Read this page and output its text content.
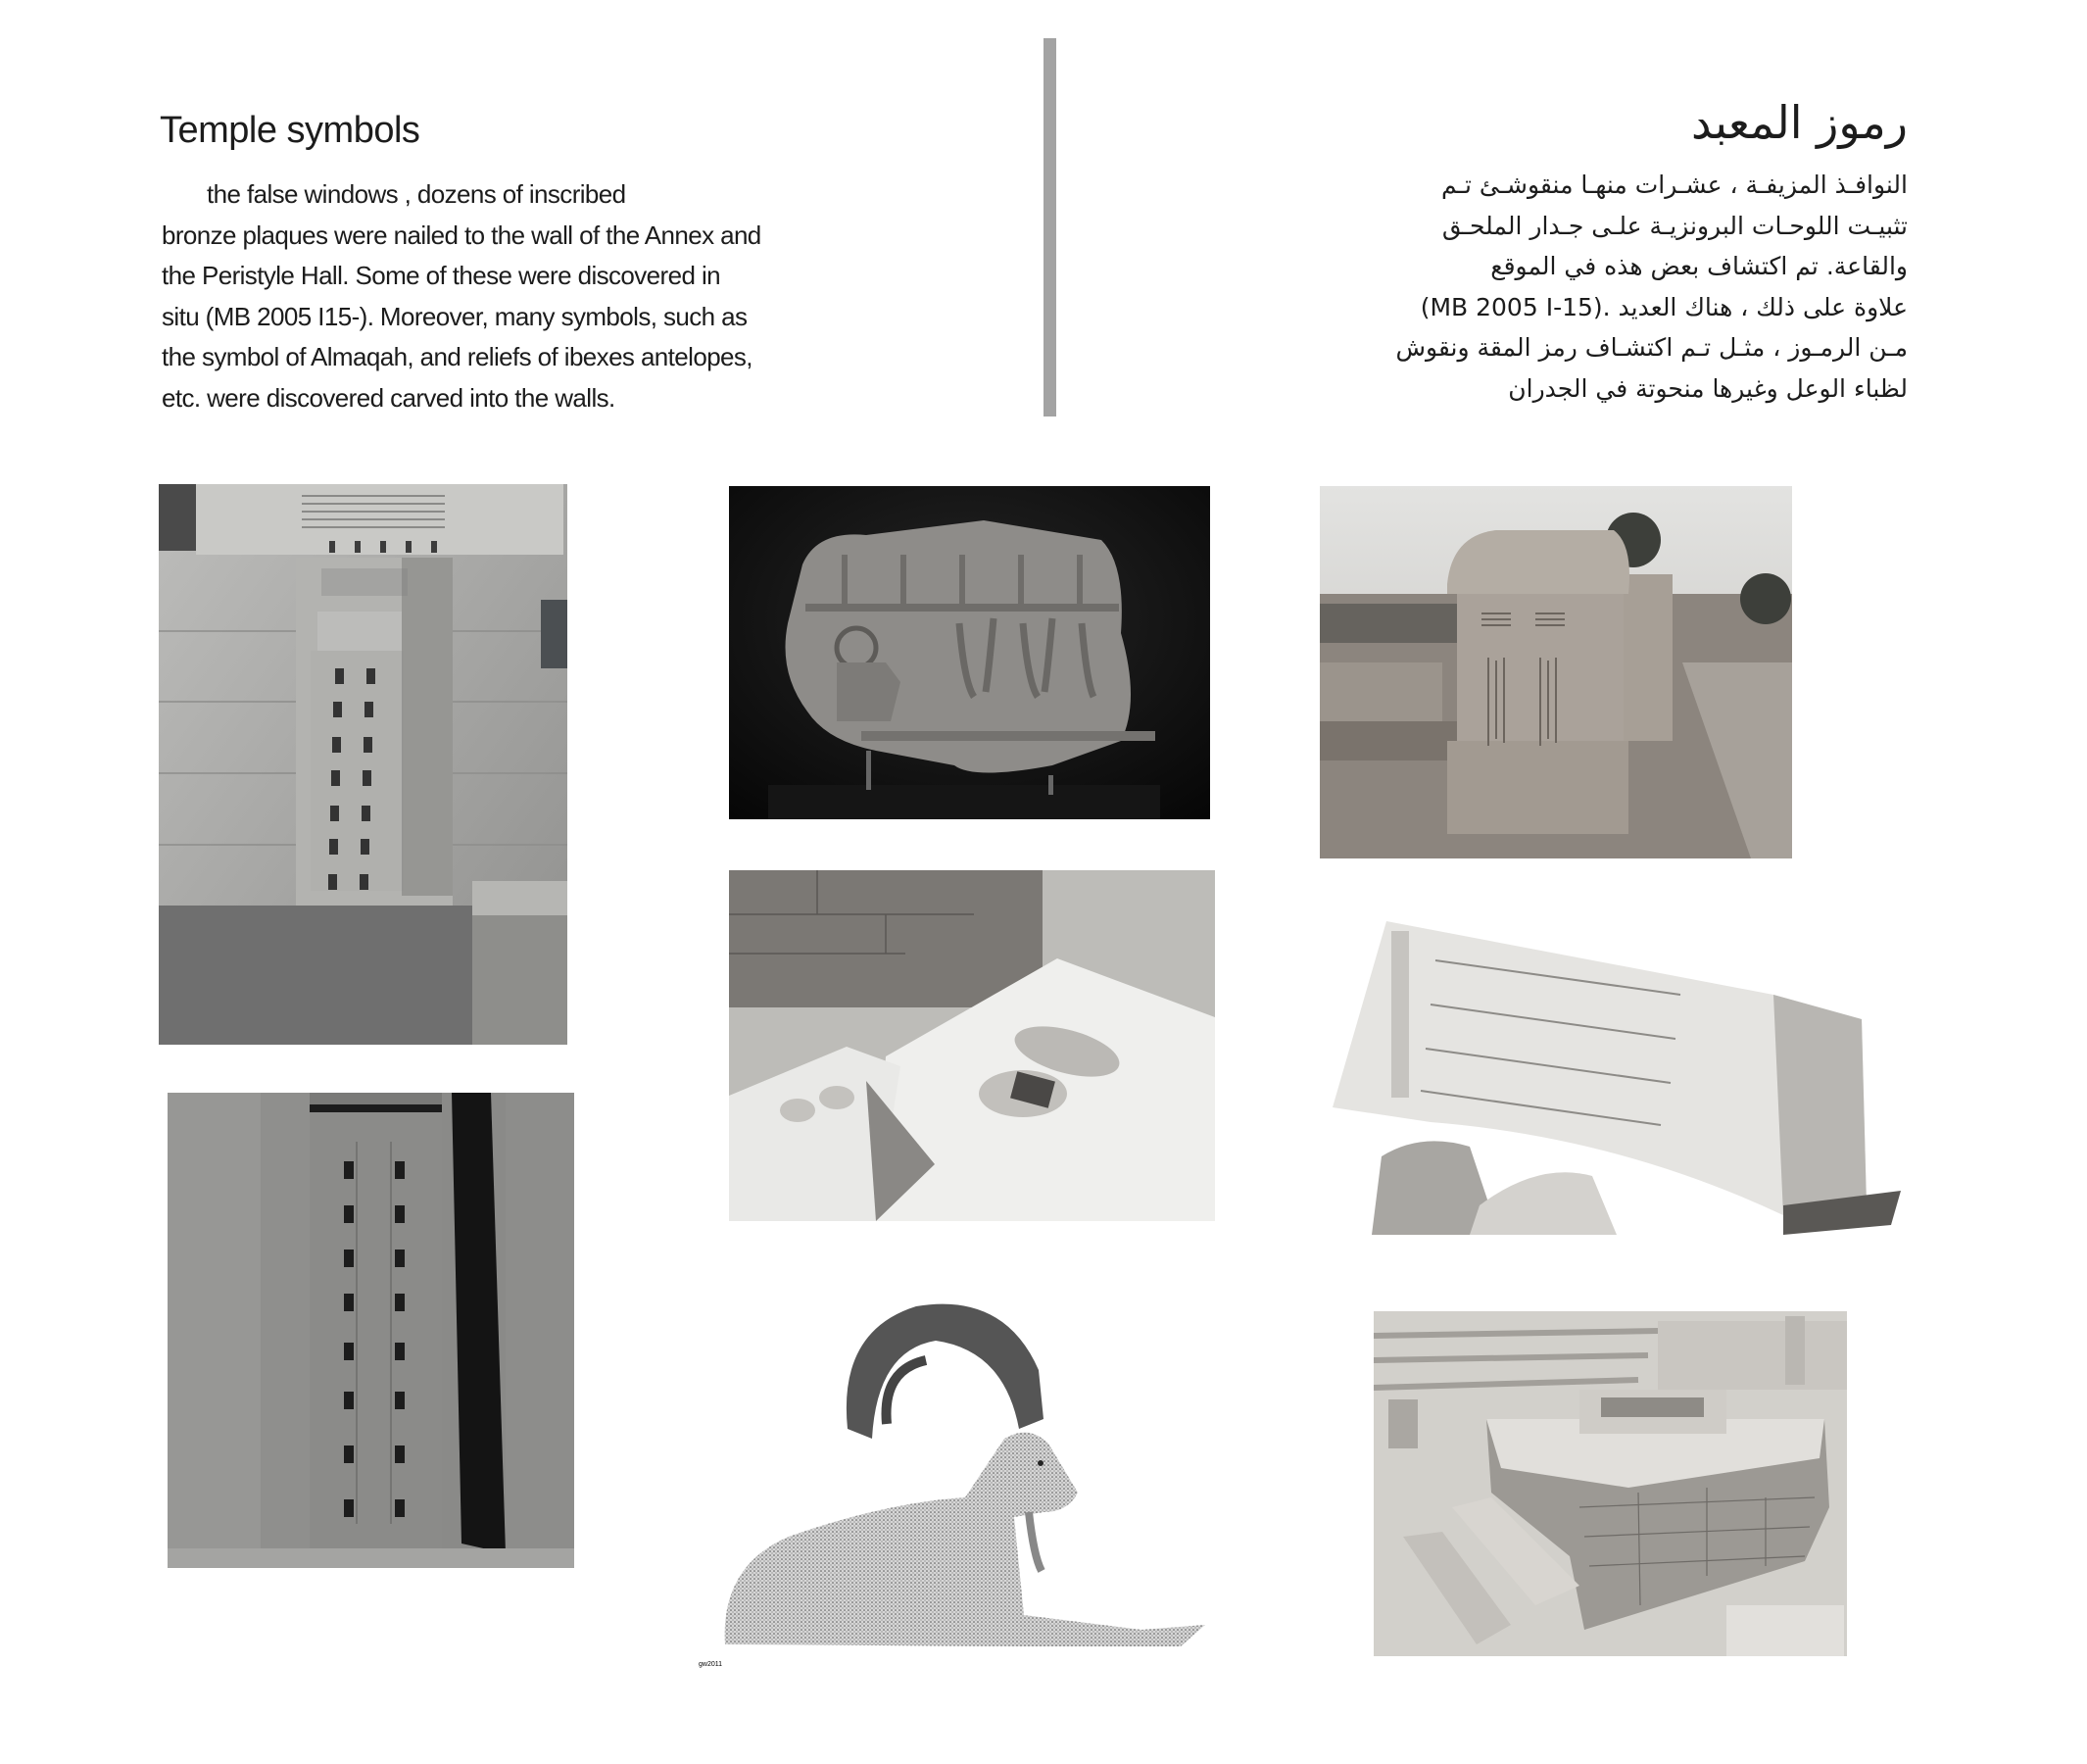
Temple symbols
the false windows , dozens of inscribed
bronze plaques were nailed to the wall of the Annex and
the Peristyle Hall. Some of these were discovered in
situ (MB 2005 I15-). Moreover, many symbols, such as
the symbol of Almaqah, and reliefs of ibexes antelopes,
etc. were discovered carved into the walls.
رموز المعبد
النوافـذ المزيفـة ، عشـرات منهـا منقوشـئ تـم
تثبيـت اللوحـات البرونزيـة علـى جـدار الملحـق
والقاعة. تم اكتشاف بعض هذه في الموقع
علاوة على ذلك ، هناك العديد .(MB 2005 I-15)
مـن الرمـوز ، مثـل تـم اكتشـاف رمز المقة ونقوش
لظباء الوعل وغيرها منحوتة في الجدران
gw2011
